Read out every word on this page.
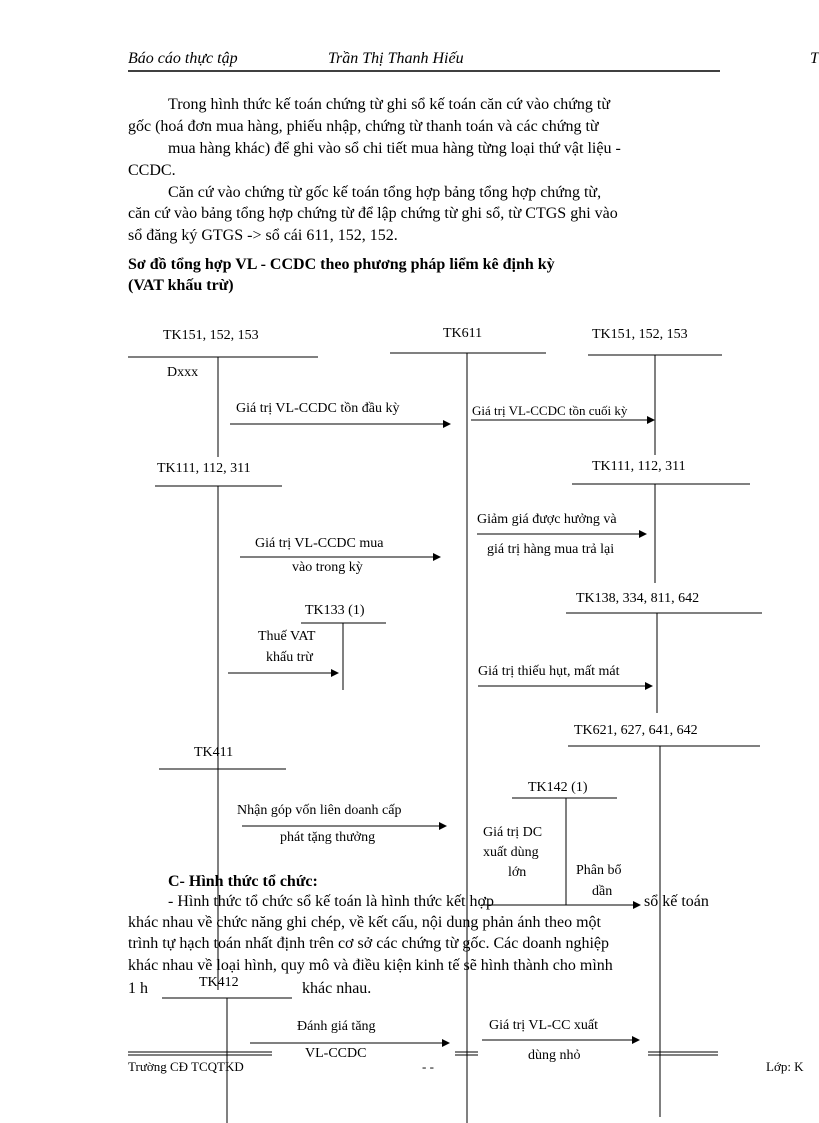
Báo cáo thực tập	Trần Thị Thanh Hiếu	T
Trong hình thức kế toán chứng từ ghi sổ kế toán căn cứ vào chứng từ
gốc (hoá đơn mua hàng, phiếu nhập, chứng từ thanh toán và các chứng từ
mua hàng khác) để ghi vào sổ chi tiết mua hàng từng loại thứ vật liệu -
CCDC.
Căn cứ vào chứng từ gốc kế toán tổng hợp bảng tổng hợp chứng từ,
căn cứ vào bảng tổng hợp chứng từ để lập chứng từ ghi sổ, từ CTGS ghi vào
sổ đăng ký GTGS -> sổ cái 611, 152, 152.
Sơ đồ tổng hợp VL - CCDC theo phương pháp liểm kê định kỳ
(VAT khấu trừ)
TK151, 152, 153	TK611	TK151, 152, 153
TK111, 112, 311	TK111, 112, 311
TK133 (1)
TK138, 334, 811, 642
TK621, 627, 641, 642
TK411
TK142 (1)
TK412
Dxxx
Giá trị VL-CCDC tồn đầu kỳ	Giá trị VL-CCDC tồn cuối kỳ
Giá trị VL-CCDC mua
vào trong kỳ
Giảm giá được hưởng và
giá trị hàng mua trả lại
Thuế VAT
khấu trừ
Giá trị thiếu hụt, mất mát
Nhận góp vốn liên doanh cấp
phát tặng thưởng	Giá trị DC
xuất dùng
lớn	Phân bổ
dần
Đánh giá tăng
VL-CCDC
Giá trị VL-CC xuất
dùng nhỏ
C- Hình thức tổ chức:
- Hình thức tổ chức sổ kế toán là hình thức kết hợp	sổ kế toán
khác nhau về chức năng ghi chép, về kết cấu, nội dung phản ánh theo một
trình tự hạch toán nhất định trên cơ sở các chứng từ gốc. Các doanh nghiệp
khác nhau về loại hình, quy mô và điều kiện kinh tế sẽ hình thành cho mình
1 h	khác nhau.
Trường CĐ TCQTKD	- -	Lớp: K
